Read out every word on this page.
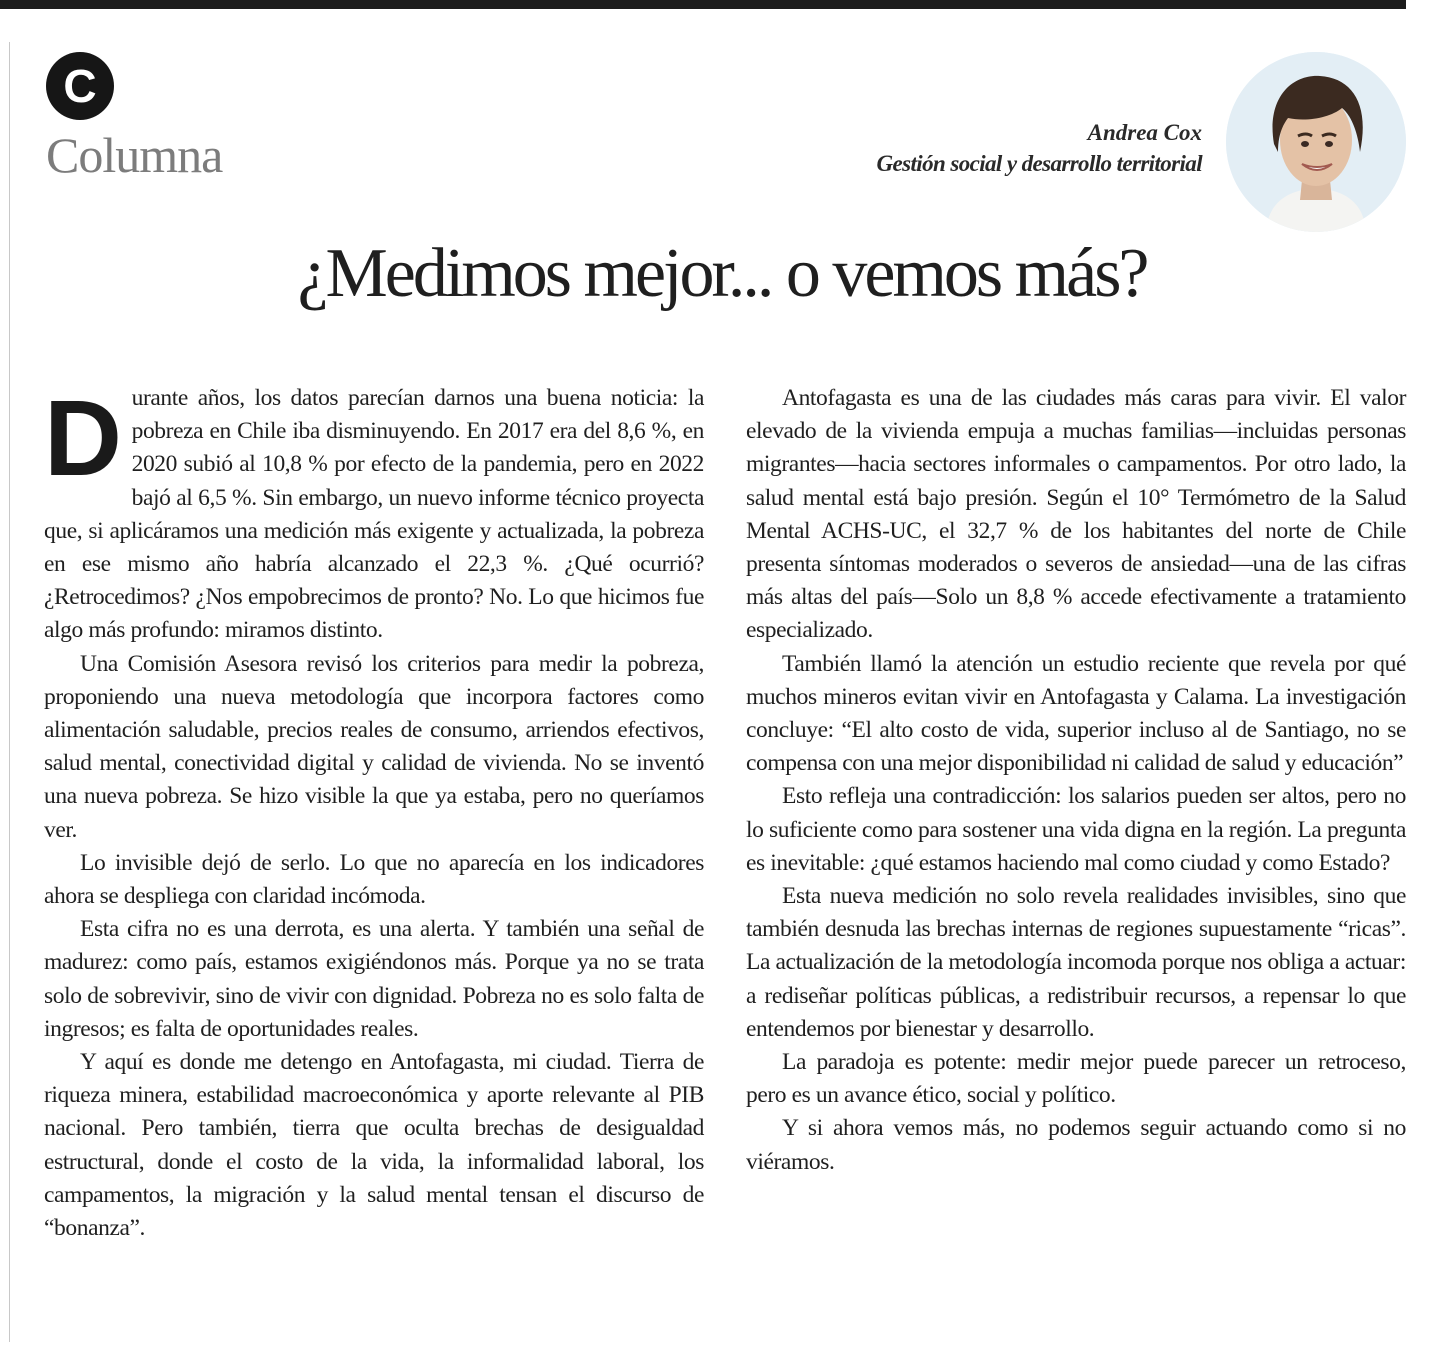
C
Columna	Andrea Cox
Gestión social y desarrollo territorial
¿Medimos mejor... o vemos más?

Durante años, los datos parecían darnos una buena noticia: la pobreza en Chile iba disminuyendo. En 2017 era del 8,6 %, en 2020 subió al 10,8 % por efecto de la pandemia, pero en 2022 bajó al 6,5 %. Sin embargo, un nuevo informe técnico proyecta que, si aplicáramos una medición más exigente y actualizada, la pobreza en ese mismo año habría alcanzado el 22,3 %. ¿Qué ocurrió? ¿Retrocedimos? ¿Nos empobrecimos de pronto? No. Lo que hicimos fue algo más profundo: miramos distinto.

Una Comisión Asesora revisó los criterios para medir la pobreza, proponiendo una nueva metodología que incorpora factores como alimentación saludable, precios reales de consumo, arriendos efectivos, salud mental, conectividad digital y calidad de vivienda. No se inventó una nueva pobreza. Se hizo visible la que ya estaba, pero no queríamos ver.

Lo invisible dejó de serlo. Lo que no aparecía en los indicadores ahora se despliega con claridad incómoda.

Esta cifra no es una derrota, es una alerta. Y también una señal de madurez: como país, estamos exigiéndonos más. Porque ya no se trata solo de sobrevivir, sino de vivir con dignidad. Pobreza no es solo falta de ingresos; es falta de oportunidades reales.

Y aquí es donde me detengo en Antofagasta, mi ciudad. Tierra de riqueza minera, estabilidad macroeconómica y aporte relevante al PIB nacional. Pero también, tierra que oculta brechas de desigualdad estructural, donde el costo de la vida, la informalidad laboral, los campamentos, la migración y la salud mental tensan el discurso de “bonanza”.

Antofagasta es una de las ciudades más caras para vivir. El valor elevado de la vivienda empuja a muchas familias—incluidas personas migrantes—hacia sectores informales o campamentos. Por otro lado, la salud mental está bajo presión. Según el 10° Termómetro de la Salud Mental ACHS-UC, el 32,7 % de los habitantes del norte de Chile presenta síntomas moderados o severos de ansiedad—una de las cifras más altas del país—Solo un 8,8 % accede efectivamente a tratamiento especializado.

También llamó la atención un estudio reciente que revela por qué muchos mineros evitan vivir en Antofagasta y Calama. La investigación concluye: “El alto costo de vida, superior incluso al de Santiago, no se compensa con una mejor disponibilidad ni calidad de salud y educación”

Esto refleja una contradicción: los salarios pueden ser altos, pero no lo suficiente como para sostener una vida digna en la región. La pregunta es inevitable: ¿qué estamos haciendo mal como ciudad y como Estado?

Esta nueva medición no solo revela realidades invisibles, sino que también desnuda las brechas internas de regiones supuestamente “ricas”. La actualización de la metodología incomoda porque nos obliga a actuar: a rediseñar políticas públicas, a redistribuir recursos, a repensar lo que entendemos por bienestar y desarrollo.

La paradoja es potente: medir mejor puede parecer un retroceso, pero es un avance ético, social y político.

Y si ahora vemos más, no podemos seguir actuando como si no viéramos.
